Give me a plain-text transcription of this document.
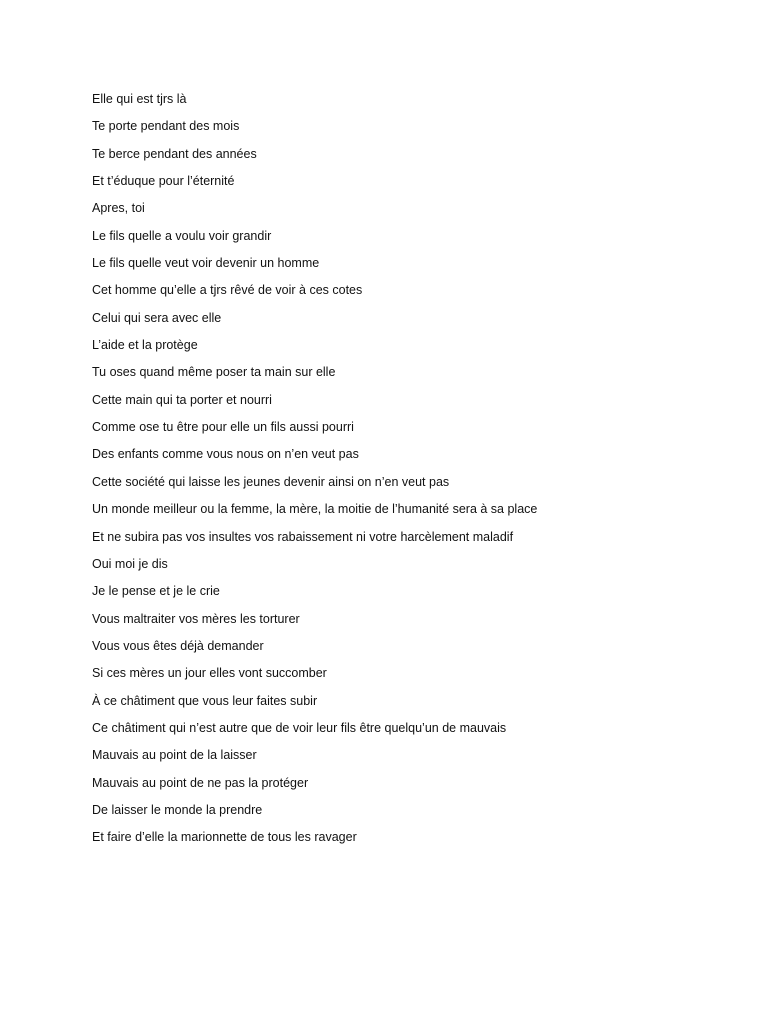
Elle qui est tjrs là
Te porte pendant des mois
Te berce pendant des années
Et t’éduque pour l’éternité
Apres, toi
Le fils quelle a voulu voir grandir
Le fils quelle veut voir devenir un homme
Cet homme qu’elle a tjrs rêvé de voir à ces cotes
Celui qui sera avec elle
L’aide et la protège
Tu oses quand même poser ta main sur elle
Cette main qui ta porter et nourri
Comme ose tu être pour elle un fils aussi pourri
Des enfants comme vous nous on n’en veut pas
Cette société qui laisse les jeunes devenir ainsi on n’en veut pas
Un monde meilleur ou la femme, la mère, la moitie de l’humanité sera à sa place
Et ne subira pas vos insultes vos rabaissement ni votre harcèlement maladif
Oui moi je dis
Je le pense et je le crie
Vous maltraiter vos mères les torturer
Vous vous êtes déjà demander
Si ces mères un jour elles vont succomber
À ce châtiment que vous leur faites subir
Ce châtiment qui n’est autre que de voir leur fils être quelqu’un de mauvais
Mauvais au point de la laisser
Mauvais au point de ne pas la protéger
De laisser le monde la prendre
Et faire d’elle la marionnette de tous les ravager
